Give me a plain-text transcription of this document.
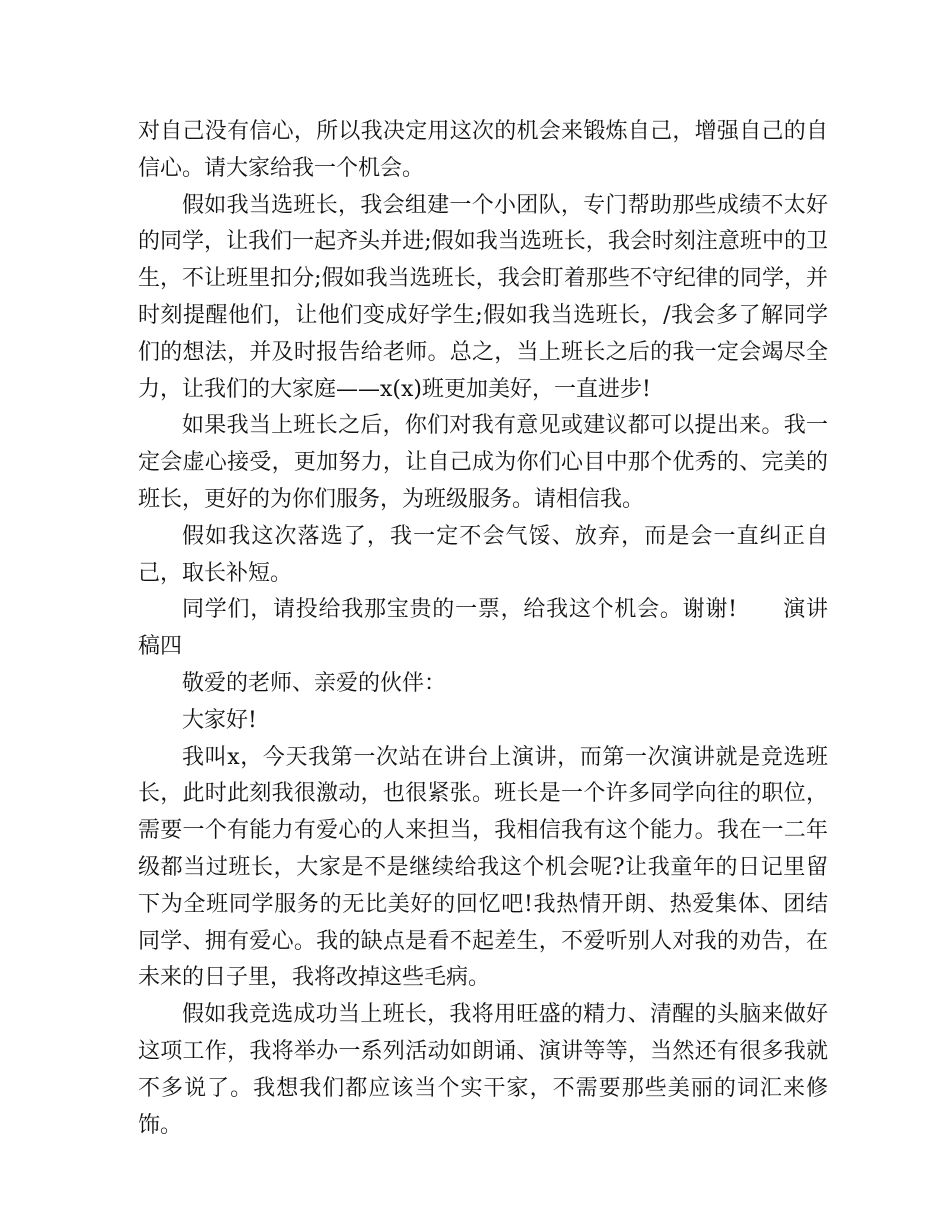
对自己没有信心，所以我决定用这次的机会来锻炼自己，增强自己的自信心。请大家给我一个机会。

假如我当选班长，我会组建一个小团队，专门帮助那些成绩不太好的同学，让我们一起齐头并进;假如我当选班长，我会时刻注意班中的卫生，不让班里扣分;假如我当选班长，我会盯着那些不守纪律的同学，并时刻提醒他们，让他们变成好学生;假如我当选班长，/我会多了解同学们的想法，并及时报告给老师。总之，当上班长之后的我一定会竭尽全力，让我们的大家庭——x(x)班更加美好，一直进步!

如果我当上班长之后，你们对我有意见或建议都可以提出来。我一定会虚心接受，更加努力，让自己成为你们心目中那个优秀的、完美的班长，更好的为你们服务，为班级服务。请相信我。

假如我这次落选了，我一定不会气馁、放弃，而是会一直纠正自己，取长补短。

同学们，请投给我那宝贵的一票，给我这个机会。谢谢!　　演讲稿四

敬爱的老师、亲爱的伙伴：

大家好!

我叫x，今天我第一次站在讲台上演讲，而第一次演讲就是竞选班长，此时此刻我很激动，也很紧张。班长是一个许多同学向往的职位，需要一个有能力有爱心的人来担当，我相信我有这个能力。我在一二年级都当过班长，大家是不是继续给我这个机会呢?让我童年的日记里留下为全班同学服务的无比美好的回忆吧!我热情开朗、热爱集体、团结同学、拥有爱心。我的缺点是看不起差生，不爱听别人对我的劝告，在未来的日子里，我将改掉这些毛病。

假如我竞选成功当上班长，我将用旺盛的精力、清醒的头脑来做好这项工作，我将举办一系列活动如朗诵、演讲等等，当然还有很多我就不多说了。我想我们都应该当个实干家，不需要那些美丽的词汇来修饰。
